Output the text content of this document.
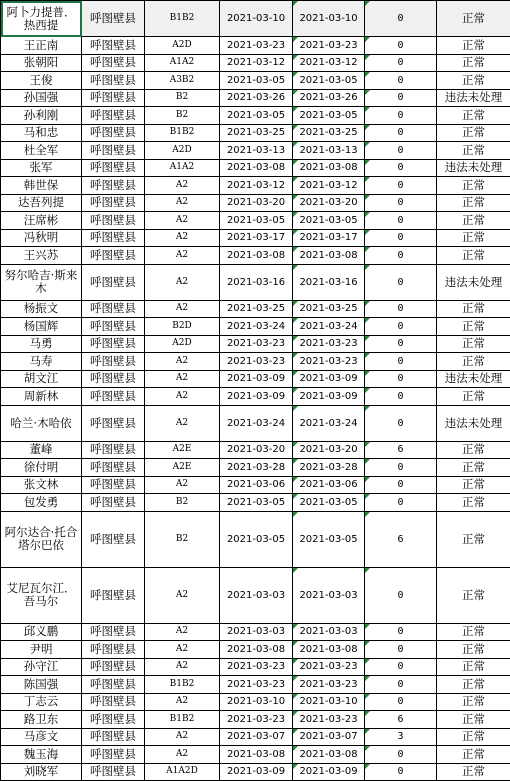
阿卜力提普．热西提	呼图壁县	B1B2	2021-03-10	2021-03-10	0	正常
王正南	呼图壁县	A2D	2021-03-23	2021-03-23	0	正常
张朝阳	呼图壁县	A1A2	2021-03-12	2021-03-12	0	正常
王俊	呼图壁县	A3B2	2021-03-05	2021-03-05	0	正常
孙国强	呼图壁县	B2	2021-03-26	2021-03-26	0	违法未处理
孙利刚	呼图壁县	B2	2021-03-05	2021-03-05	0	正常
马和忠	呼图壁县	B1B2	2021-03-25	2021-03-25	0	正常
杜全军	呼图壁县	A2D	2021-03-13	2021-03-13	0	正常
张军	呼图壁县	A1A2	2021-03-08	2021-03-08	0	违法未处理
韩世保	呼图壁县	A2	2021-03-12	2021-03-12	0	正常
达吾列提	呼图壁县	A2	2021-03-20	2021-03-20	0	正常
汪席彬	呼图壁县	A2	2021-03-05	2021-03-05	0	正常
冯秋明	呼图壁县	A2	2021-03-17	2021-03-17	0	正常
王兴苏	呼图壁县	A2	2021-03-08	2021-03-08	0	正常

努尔哈吉·斯来木	呼图壁县	A2	2021-03-16	2021-03-16	0	违法未处理
杨振文	呼图壁县	A2	2021-03-25	2021-03-25	0	正常
杨国辉	呼图壁县	B2D	2021-03-24	2021-03-24	0	正常
马勇	呼图壁县	A2D	2021-03-23	2021-03-23	0	正常
马寿	呼图壁县	A2	2021-03-23	2021-03-23	0	正常
胡文江	呼图壁县	A2	2021-03-09	2021-03-09	0	违法未处理
周新林	呼图壁县	A2	2021-03-09	2021-03-09	0	正常

哈兰·木哈依	呼图壁县	A2	2021-03-24	2021-03-24	0	违法未处理
董峰	呼图壁县	A2E	2021-03-20	2021-03-20	6	正常
徐付明	呼图壁县	A2E	2021-03-28	2021-03-28	0	正常
张文林	呼图壁县	A2	2021-03-06	2021-03-06	0	正常
包发勇	呼图壁县	B2	2021-03-05	2021-03-05	0	正常

阿尔达合·托合塔尔巴依	呼图壁县	B2	2021-03-05	2021-03-05	6	正常

艾尼瓦尔江．吾马尔	呼图壁县	A2	2021-03-03	2021-03-03	0	正常
邱义鹏	呼图壁县	A2	2021-03-03	2021-03-03	0	正常
尹明	呼图壁县	A2	2021-03-08	2021-03-08	0	正常
孙守江	呼图壁县	A2	2021-03-23	2021-03-23	0	正常
陈国强	呼图壁县	B1B2	2021-03-23	2021-03-23	0	正常
丁志云	呼图壁县	A2	2021-03-10	2021-03-10	0	正常
路卫东	呼图壁县	B1B2	2021-03-23	2021-03-23	6	正常
马彦文	呼图壁县	A2	2021-03-07	2021-03-07	3	正常
魏玉海	呼图壁县	A2	2021-03-08	2021-03-08	0	正常
刘晓军	呼图壁县	A1A2D	2021-03-09	2021-03-09	0	正常
